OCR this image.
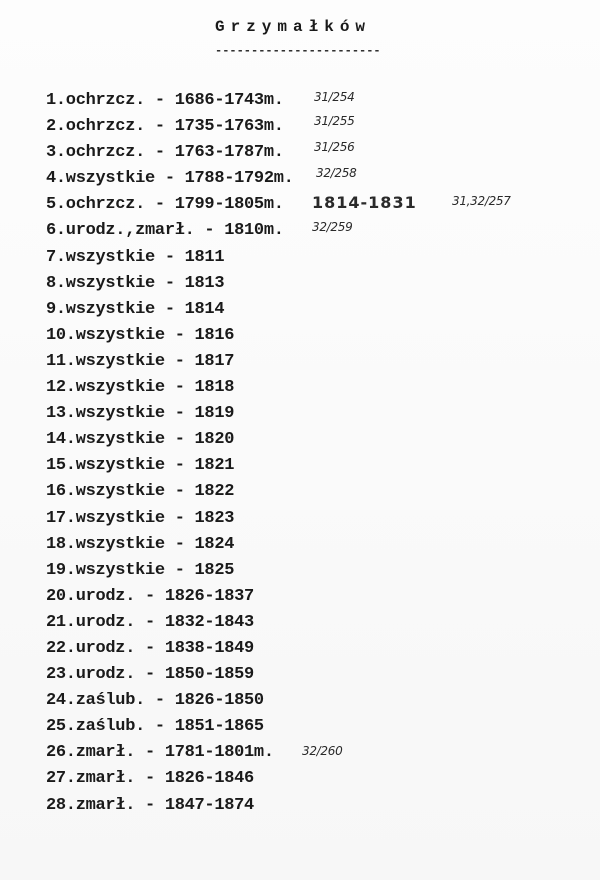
Grzymałków
-----------------------
1.ochrzcz. - 1686-1743m.	31/254
2.ochrzcz. - 1735-1763m.	31/255
3.ochrzcz. - 1763-1787m.	31/256
4.wszystkie - 1788-1792m. 32/258
5.ochrzcz. - 1799-1805m. 1814-1831	31,32/257
6.urodz.,zmarł. - 1810m. 32/259
7.wszystkie - 1811
8.wszystkie - 1813
9.wszystkie - 1814
10.wszystkie - 1816
11.wszystkie - 1817
12.wszystkie - 1818
13.wszystkie - 1819
14.wszystkie - 1820
15.wszystkie - 1821
16.wszystkie - 1822
17.wszystkie - 1823
18.wszystkie - 1824
19.wszystkie - 1825
20.urodz. - 1826-1837
21.urodz. - 1832-1843
22.urodz. - 1838-1849
23.urodz. - 1850-1859
24.zaślub. - 1826-1850
25.zaślub. - 1851-1865
26.zmarł. - 1781-1801m. 32/260
27.zmarł. - 1826-1846
28.zmarł. - 1847-1874
